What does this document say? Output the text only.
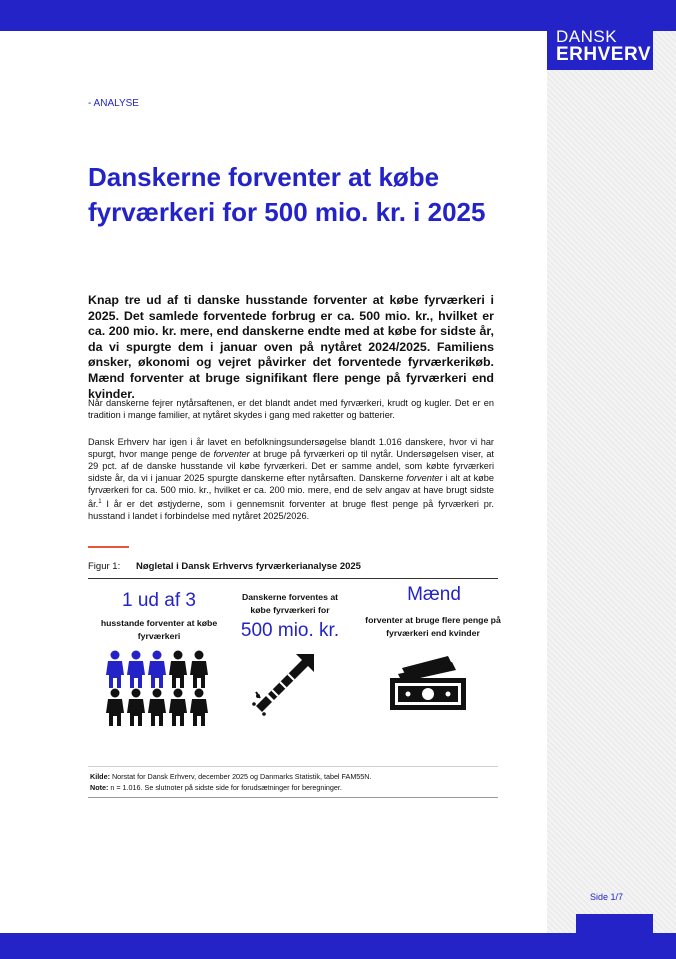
DANSK
ERHVERV
- ANALYSE
Danskerne forventer at købe fyrværkeri for 500 mio. kr. i 2025

Knap tre ud af ti danske husstande forventer at købe fyrværkeri i 2025. Det samlede forventede forbrug er ca. 500 mio. kr., hvilket er ca. 200 mio. kr. mere, end danskerne endte med at købe for sidste år, da vi spurgte dem i januar oven på nytåret 2024/2025. Familiens ønsker, økonomi og vejret påvirker det forventede fyrværkerikøb. Mænd forventer at bruge signifikant flere penge på fyrværkeri end kvinder.

Når danskerne fejrer nytårsaftenen, er det blandt andet med fyrværkeri, krudt og kugler. Det er en tradition i mange familier, at nytåret skydes i gang med raketter og batterier.

Dansk Erhverv har igen i år lavet en befolkningsundersøgelse blandt 1.016 danskere, hvor vi har spurgt, hvor mange penge de forventer at bruge på fyrværkeri op til nytår. Undersøgelsen viser, at 29 pct. af de danske husstande vil købe fyrværkeri. Det er samme andel, som købte fyrværkeri sidste år, da vi i januar 2025 spurgte danskerne efter nytårsaften. Danskerne forventer i alt at købe fyrværkeri for ca. 500 mio. kr., hvilket er ca. 200 mio. mere, end de selv angav at have brugt sidste år.$^1$ I år er det østjyderne, som i gennemsnit forventer at bruge flest penge på fyrværkeri pr. husstand i landet i forbindelse med nytåret 2025/2026.

Figur 1: Nøgletal i Dansk Erhvervs fyrværkerianalyse 2025
1 ud af 3
husstande forventer at købe fyrværkeri
Danskerne forventes at købe fyrværkeri for
500 mio. kr.
Mænd
forventer at bruge flere penge på fyrværkeri end kvinder
Kilde: Norstat for Dansk Erhverv, december 2025 og Danmarks Statistik, tabel FAM55N.
Note: n = 1.016. Se slutnoter på sidste side for forudsætninger for beregninger.
Side 1/7
